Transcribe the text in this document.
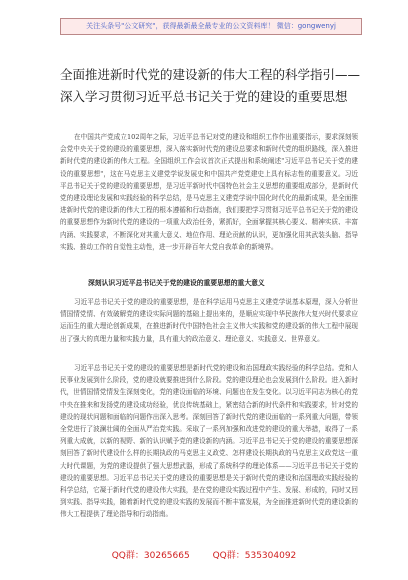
关注头条号"公文研究"，获得最新最全最专业的公文资料库！ 微信：gongwenyj
全面推进新时代党的建设新的伟大工程的科学指引——深入学习贯彻习近平总书记关于党的建设的重要思想

在中国共产党成立102周年之际，习近平总书记对党的建设和组织工作作出重要指示，要求深刻领会党中央关于党的建设的重要思想，深入落实新时代党的建设总要求和新时代党的组织路线，深入推进新时代党的建设新的伟大工程。全国组织工作会议首次正式提出和系统阐述"习近平总书记关于党的建设的重要思想"，这在马克思主义建党学说发展史和中国共产党党建史上具有标志性的重要意义。习近平总书记关于党的建设的重要思想，是习近平新时代中国特色社会主义思想的重要组成部分，是新时代党的建设理论发展和实践经验的科学总结，是马克思主义建党学说中国化时代化的最新成果，是全面推进新时代党的建设新的伟大工程的根本遵循和行动指南，我们要把学习贯彻习近平总书记关于党的建设的重要思想作为新时代党的建设的一项重大政治任务，紧抓好，全面掌握其核心要义、精神实质、丰富内涵、实践要求，不断深化对其重大意义、地位作用、理论贡献的认识，更加强化用其武装头脑、指导实践、推动工作的自觉性主动性，进一步开辟百年大党自我革命的新境界。

深刻认识习近平总书记关于党的建设的重要思想的重大意义

习近平总书记关于党的建设的重要思想，是在科学运用马克思主义建党学说基本原理，深入分析世情国情党情、有效破解党的建设实际问题的基础上提出来的，是顺应实现中华民族伟大复兴时代要求应运而生的重大理论创新成果，在推进新时代中国特色社会主义伟大实践和党的建设新的伟大工程中展现出了强大的真理力量和实践力量，具有重大的政治意义、理论意义、实践意义、世界意义。

习近平总书记关于党的建设的重要思想是新时代党的建设和治国理政实践经验的科学总结。党和人民事业发展到什么阶段，党的建设就要推进到什么阶段。党的建设理论也会发展到什么阶段。进入新时代，世情国情党情发生深刻变化，党的建设面临的环境、问题也在发生变化。以习近平同志为核心的党中央在推来和发扬党的建设成功经验，优良传统基础上，紧密结合新的时代条件和实践要求，针对党的建设的现状问题和面临的问题作出深入思考。深刻回答了新时代党的建设面临的一系列重大问题，带领全党进行了波澜壮阔的全面从严治党实践。采取了一系列加强和改进党的建设的重大举措，取得了一系列重大成就，以新的视野、新的认识赋予党的建设新的内涵。习近平总书记关于党的建设的重要思想深刻回答了新时代建设什么样的长期执政的马克思主义政党、怎样建设长期执政的马克思主义政党这一重大时代课题，为党的建设提供了强大思想武器，形成了系统科学的理论体系——习近平总书记关于党的建设的重要思想。习近平总书记关于党的建设的重要思想是关于新时代党的建设和治国理政实践经验的科学总结，它凝于新时代党的建设伟大实践，是在党的建设实践过程中产生、发展、形成的，同时又回到实践、指导实践，随着新时代党的建设实践的发展而不断丰富发展，为全面推进新时代党的建设新的伟大工程提供了理论指导和行动指南。

QQ群：30265665	QQ群：535304092
